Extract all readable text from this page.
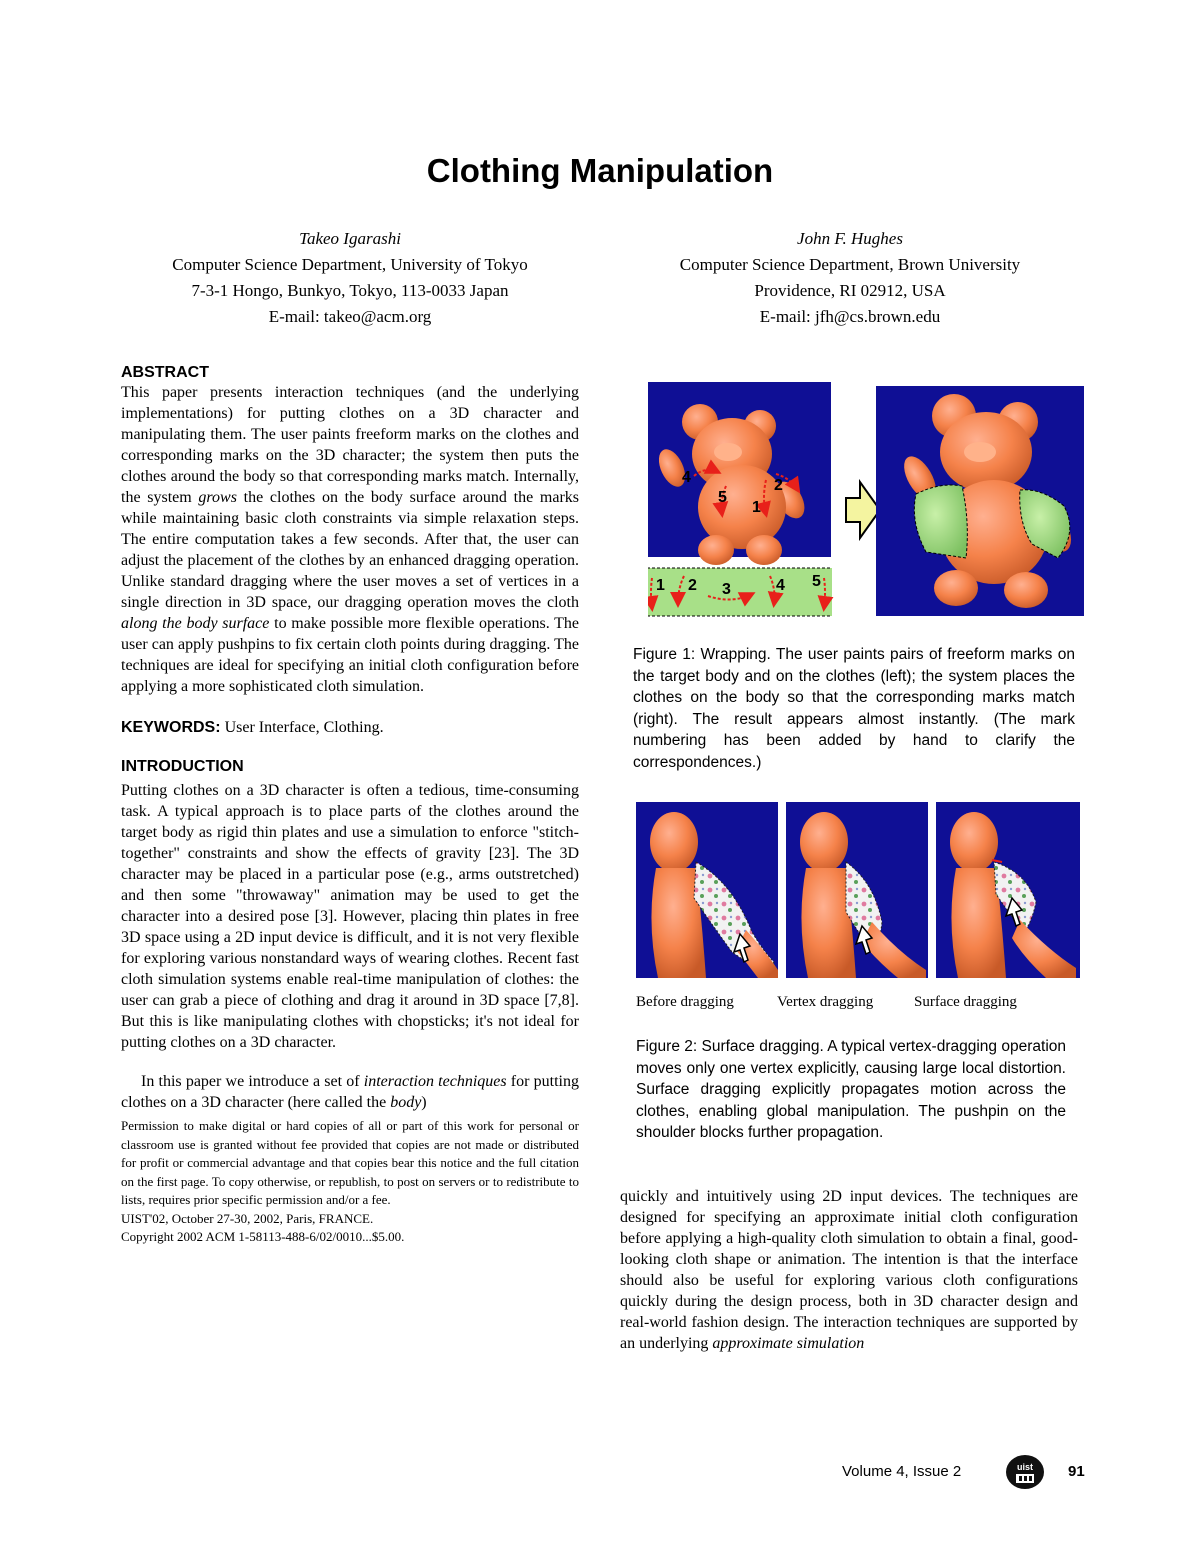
Clothing Manipulation
Takeo Igarashi
Computer Science Department, University of Tokyo
7-3-1 Hongo, Bunkyo, Tokyo, 113-0033 Japan
E-mail: takeo@acm.org
John F. Hughes
Computer Science Department, Brown University
Providence, RI 02912, USA
E-mail: jfh@cs.brown.edu
ABSTRACT

This paper presents interaction techniques (and the underlying implementations) for putting clothes on a 3D character and manipulating them. The user paints freeform marks on the clothes and corresponding marks on the 3D character; the system then puts the clothes around the body so that corresponding marks match. Internally, the system grows the clothes on the body surface around the marks while maintaining basic cloth constraints via simple relaxation steps. The entire computation takes a few seconds. After that, the user can adjust the placement of the clothes by an enhanced dragging operation. Unlike standard dragging where the user moves a set of vertices in a single direction in 3D space, our dragging operation moves the cloth along the body surface to make possible more flexible operations. The user can apply pushpins to fix certain cloth points during dragging. The techniques are ideal for specifying an initial cloth configuration before applying a more sophisticated cloth simulation.

KEYWORDS: User Interface, Clothing.

INTRODUCTION

Putting clothes on a 3D character is often a tedious, time-consuming task. A typical approach is to place parts of the clothes around the target body as rigid thin plates and use a simulation to enforce "stitch-together" constraints and show the effects of gravity [23]. The 3D character may be placed in a particular pose (e.g., arms outstretched) and then some "throwaway" animation may be used to get the character into a desired pose [3]. However, placing thin plates in free 3D space using a 2D input device is difficult, and it is not very flexible for exploring various nonstandard ways of wearing clothes. Recent fast cloth simulation systems enable real-time manipulation of clothes: the user can grab a piece of clothing and drag it around in 3D space [7,8]. But this is like manipulating clothes with chopsticks; it's not ideal for putting clothes on a 3D character.

In this paper we introduce a set of interaction techniques for putting clothes on a 3D character (here called the body)

Permission to make digital or hard copies of all or part of this work for personal or classroom use is granted without fee provided that copies are not made or distributed for profit or commercial advantage and that copies bear this notice and the full citation on the first page. To copy otherwise, or republish, to post on servers or to redistribute to lists, requires prior specific permission and/or a fee.
UIST'02, October 27-30, 2002, Paris, FRANCE.
Copyright 2002 ACM 1-58113-488-6/02/0010...$5.00.
4
5
1
2
1 2 3	4 5
Figure 1: Wrapping. The user paints pairs of freeform marks on the target body and on the clothes (left); the system places the clothes on the body so that the corresponding marks match (right). The result appears almost instantly. (The mark numbering has been added by hand to clarify the correspondences.)
Before dragging	Vertex dragging	Surface dragging
Figure 2: Surface dragging. A typical vertex-dragging operation moves only one vertex explicitly, causing large local distortion. Surface dragging explicitly propagates motion across the clothes, enabling global manipulation. The pushpin on the shoulder blocks further propagation.

quickly and intuitively using 2D input devices. The techniques are designed for specifying an approximate initial cloth configuration before applying a high-quality cloth simulation to obtain a final, good-looking cloth shape or animation. The intention is that the interface should also be useful for exploring various cloth configurations quickly during the design process, both in 3D character design and real-world fashion design. The interaction techniques are supported by an underlying approximate simulation

Volume 4, Issue 2	uist 91
